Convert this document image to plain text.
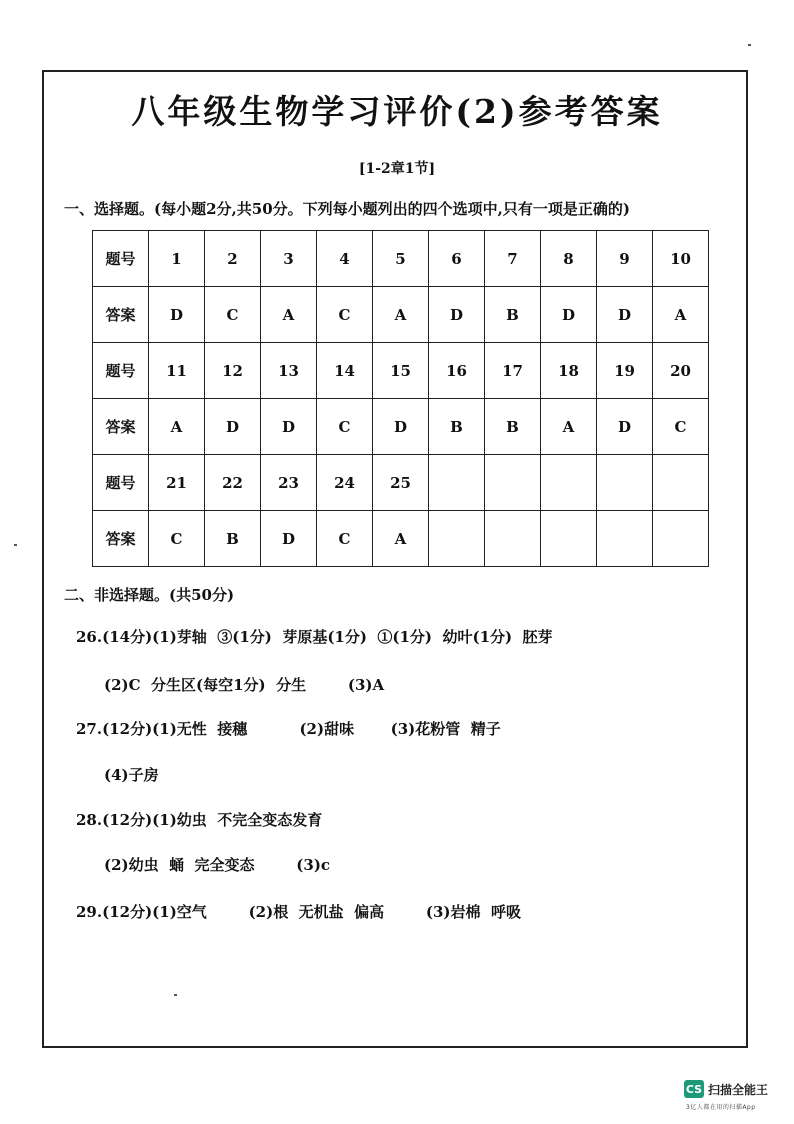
八年级生物学习评价(2)参考答案
[1-2章1节]
一、选择题。(每小题2分,共50分。下列每小题列出的四个选项中,只有一项是正确的)
题号	1	2	3	4	5	6	7	8	9	10
答案	D	C	A	C	A	D	B	D	D	A
题号	11	12	13	14	15	16	17	18	19	20
答案	A	D	D	C	D	B	B	A	D	C
题号	21	22	23	24	25					
答案	C	B	D	C	A					
二、非选择题。(共50分)
26.(14分)(1)芽轴  ③(1分)  芽原基(1分)  ①(1分)  幼叶(1分)  胚芽
(2)C  分生区(每空1分)  分生        (3)A
27.(12分)(1)无性  接穗          (2)甜味       (3)花粉管  精子
(4)子房
28.(12分)(1)幼虫  不完全变态发育
(2)幼虫  蛹  完全变态        (3)c
29.(12分)(1)空气        (2)根  无机盐  偏高        (3)岩棉  呼吸
CS 扫描全能王
3亿人都在用的扫描App
